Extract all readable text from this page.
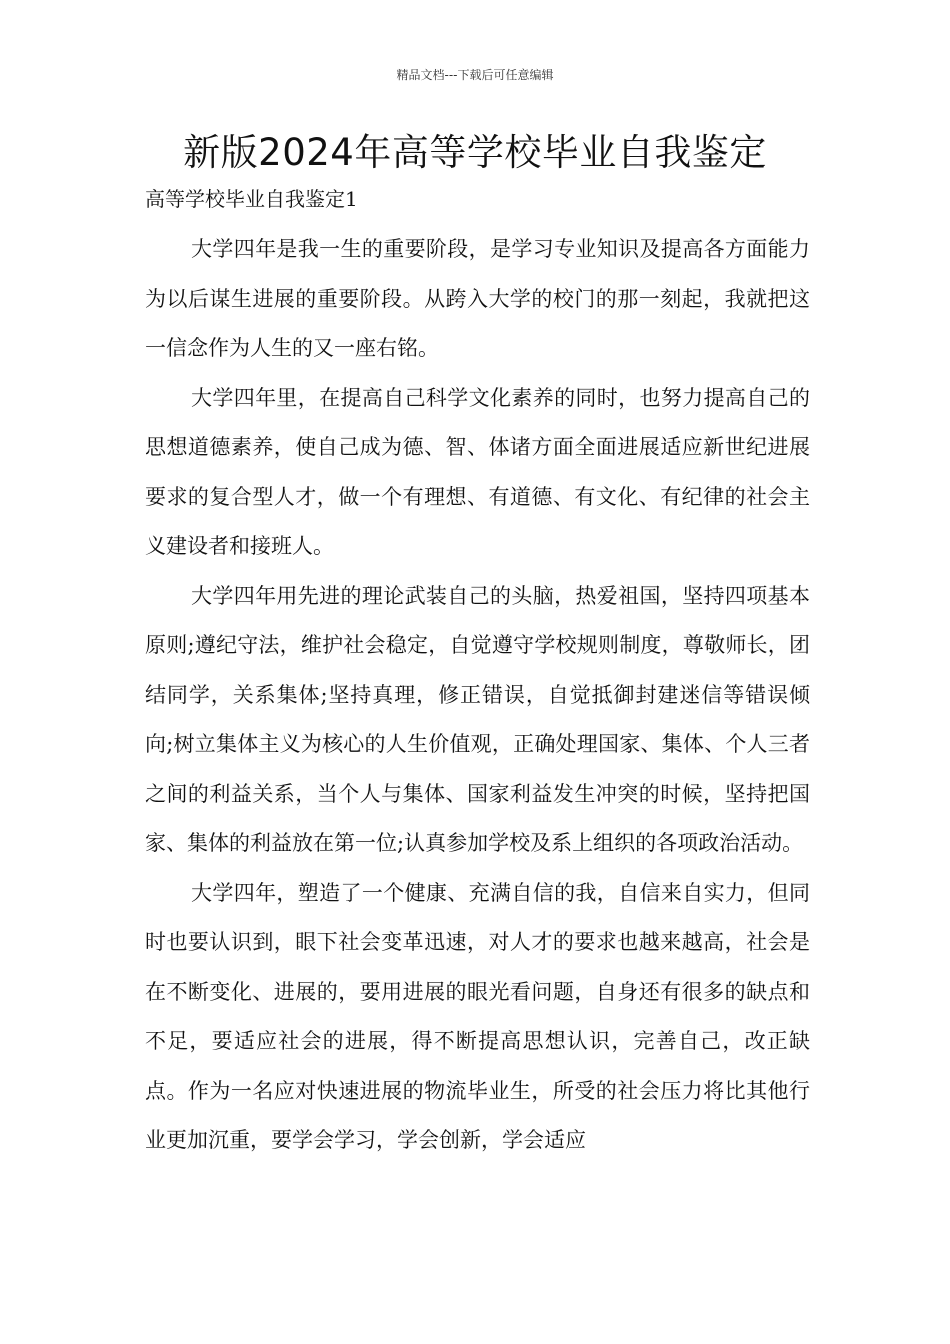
精品文档---下载后可任意编辑
新版2024年高等学校毕业自我鉴定
高等学校毕业自我鉴定1

大学四年是我一生的重要阶段，是学习专业知识及提高各方面能力为以后谋生进展的重要阶段。从跨入大学的校门的那一刻起，我就把这一信念作为人生的又一座右铭。

大学四年里，在提高自己科学文化素养的同时，也努力提高自己的思想道德素养，使自己成为德、智、体诸方面全面进展适应新世纪进展要求的复合型人才，做一个有理想、有道德、有文化、有纪律的社会主义建设者和接班人。

大学四年用先进的理论武装自己的头脑，热爱祖国，坚持四项基本原则;遵纪守法，维护社会稳定，自觉遵守学校规则制度，尊敬师长，团结同学，关系集体;坚持真理，修正错误，自觉抵御封建迷信等错误倾向;树立集体主义为核心的人生价值观，正确处理国家、集体、个人三者之间的利益关系，当个人与集体、国家利益发生冲突的时候，坚持把国家、集体的利益放在第一位;认真参加学校及系上组织的各项政治活动。

大学四年，塑造了一个健康、充满自信的我，自信来自实力，但同时也要认识到，眼下社会变革迅速，对人才的要求也越来越高，社会是在不断变化、进展的，要用进展的眼光看问题，自身还有很多的缺点和不足，要适应社会的进展，得不断提高思想认识，完善自己，改正缺点。作为一名应对快速进展的物流毕业生，所受的社会压力将比其他行业更加沉重，要学会学习，学会创新，学会适应
